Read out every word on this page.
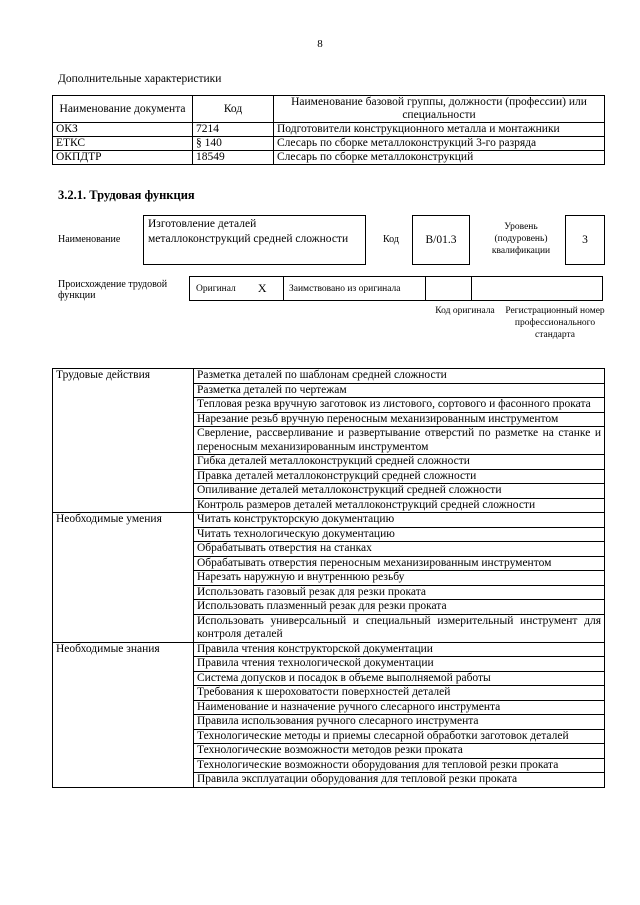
8
Дополнительные характеристики
Наименование документа	Код	Наименование базовой группы, должности (профессии) или специальности
ОКЗ	7214	Подготовители конструкционного металла и монтажники
ЕТКС	§ 140	Слесарь по сборке металлоконструкций 3-го разряда
ОКПДТР	18549	Слесарь по сборке металлоконструкций
3.2.1. Трудовая функция
Наименование
Изготовление деталей металлоконструкций средней сложности	Код	В/01.3
Уровень (подуровень) квалификации
3
Происхождение трудовой функции
Оригинал X	Заимствовано из оригинала
Код оригинала	Регистрационный номер профессионального стандарта
Трудовые действия	Разметка деталей по шаблонам средней сложности
	Разметка деталей по чертежам
	Тепловая резка вручную заготовок из листового, сортового и фасонного проката
	Нарезание резьб вручную переносным механизированным инструментом
	Сверление, рассверливание и развертывание отверстий по разметке на станке и переносным механизированным инструментом
	Гибка деталей металлоконструкций средней сложности
	Правка деталей металлоконструкций средней сложности
	Опиливание деталей металлоконструкций средней сложности
	Контроль размеров деталей металлоконструкций средней сложности
Необходимые умения	Читать конструкторскую документацию
	Читать технологическую документацию
	Обрабатывать отверстия на станках
	Обрабатывать отверстия переносным механизированным инструментом
	Нарезать наружную и внутреннюю резьбу
	Использовать газовый резак для резки проката
	Использовать плазменный резак для резки проката
	Использовать универсальный и специальный измерительный инструмент для контроля деталей
Необходимые знания	Правила чтения конструкторской документации
	Правила чтения технологической документации
	Система допусков и посадок в объеме выполняемой работы
	Требования к шероховатости поверхностей деталей
	Наименование и назначение ручного слесарного инструмента
	Правила использования ручного слесарного инструмента
	Технологические методы и приемы слесарной обработки заготовок деталей
	Технологические возможности методов резки проката
	Технологические возможности оборудования для тепловой резки проката
	Правила эксплуатации оборудования для тепловой резки проката
